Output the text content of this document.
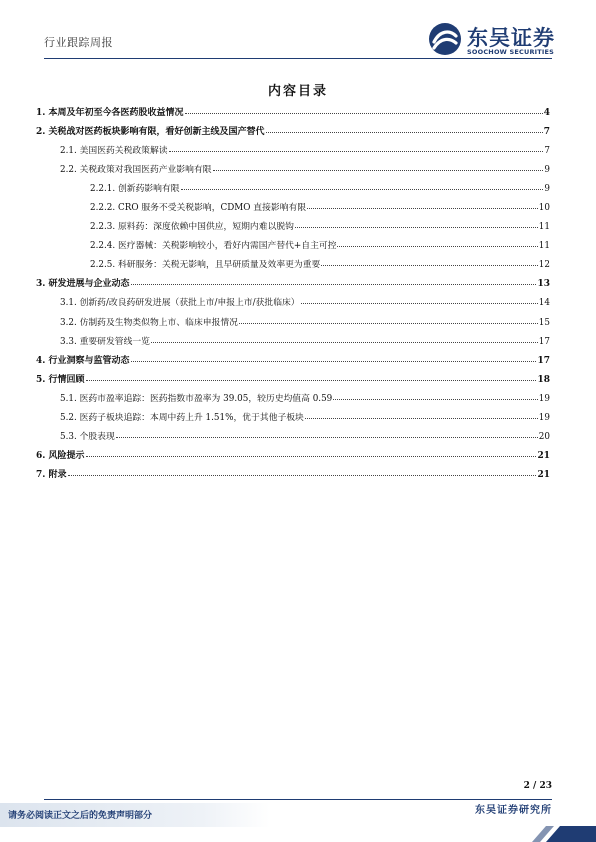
行业跟踪周报	东吴证券
SOOCHOW SECURITIES
内容目录
1. 本周及年初至今各医药股收益情况	4
2. 关税战对医药板块影响有限，看好创新主线及国产替代	7
2.1. 美国医药关税政策解读	7
2.2. 关税政策对我国医药产业影响有限	9
2.2.1. 创新药影响有限	9
2.2.2. CRO 服务不受关税影响，CDMO 直接影响有限	10
2.2.3. 原料药：深度依赖中国供应，短期内难以脱钩	11
2.2.4. 医疗器械：关税影响较小，看好内需国产替代+自主可控	11
2.2.5. 科研服务：关税无影响，且早研质量及效率更为重要	12
3. 研发进展与企业动态	13
3.1. 创新药/改良药研发进展（获批上市/申报上市/获批临床）	14
3.2. 仿制药及生物类似物上市、临床申报情况	15
3.3. 重要研发管线一览	17
4. 行业洞察与监管动态	17
5. 行情回顾	18
5.1. 医药市盈率追踪：医药指数市盈率为 39.05，较历史均值高 0.59	19
5.2. 医药子板块追踪：本周中药上升 1.51%，优于其他子板块	19
5.3. 个股表现	20
6. 风险提示	21
7. 附录	21
2 / 23
请务必阅读正文之后的免责声明部分	东吴证券研究所
